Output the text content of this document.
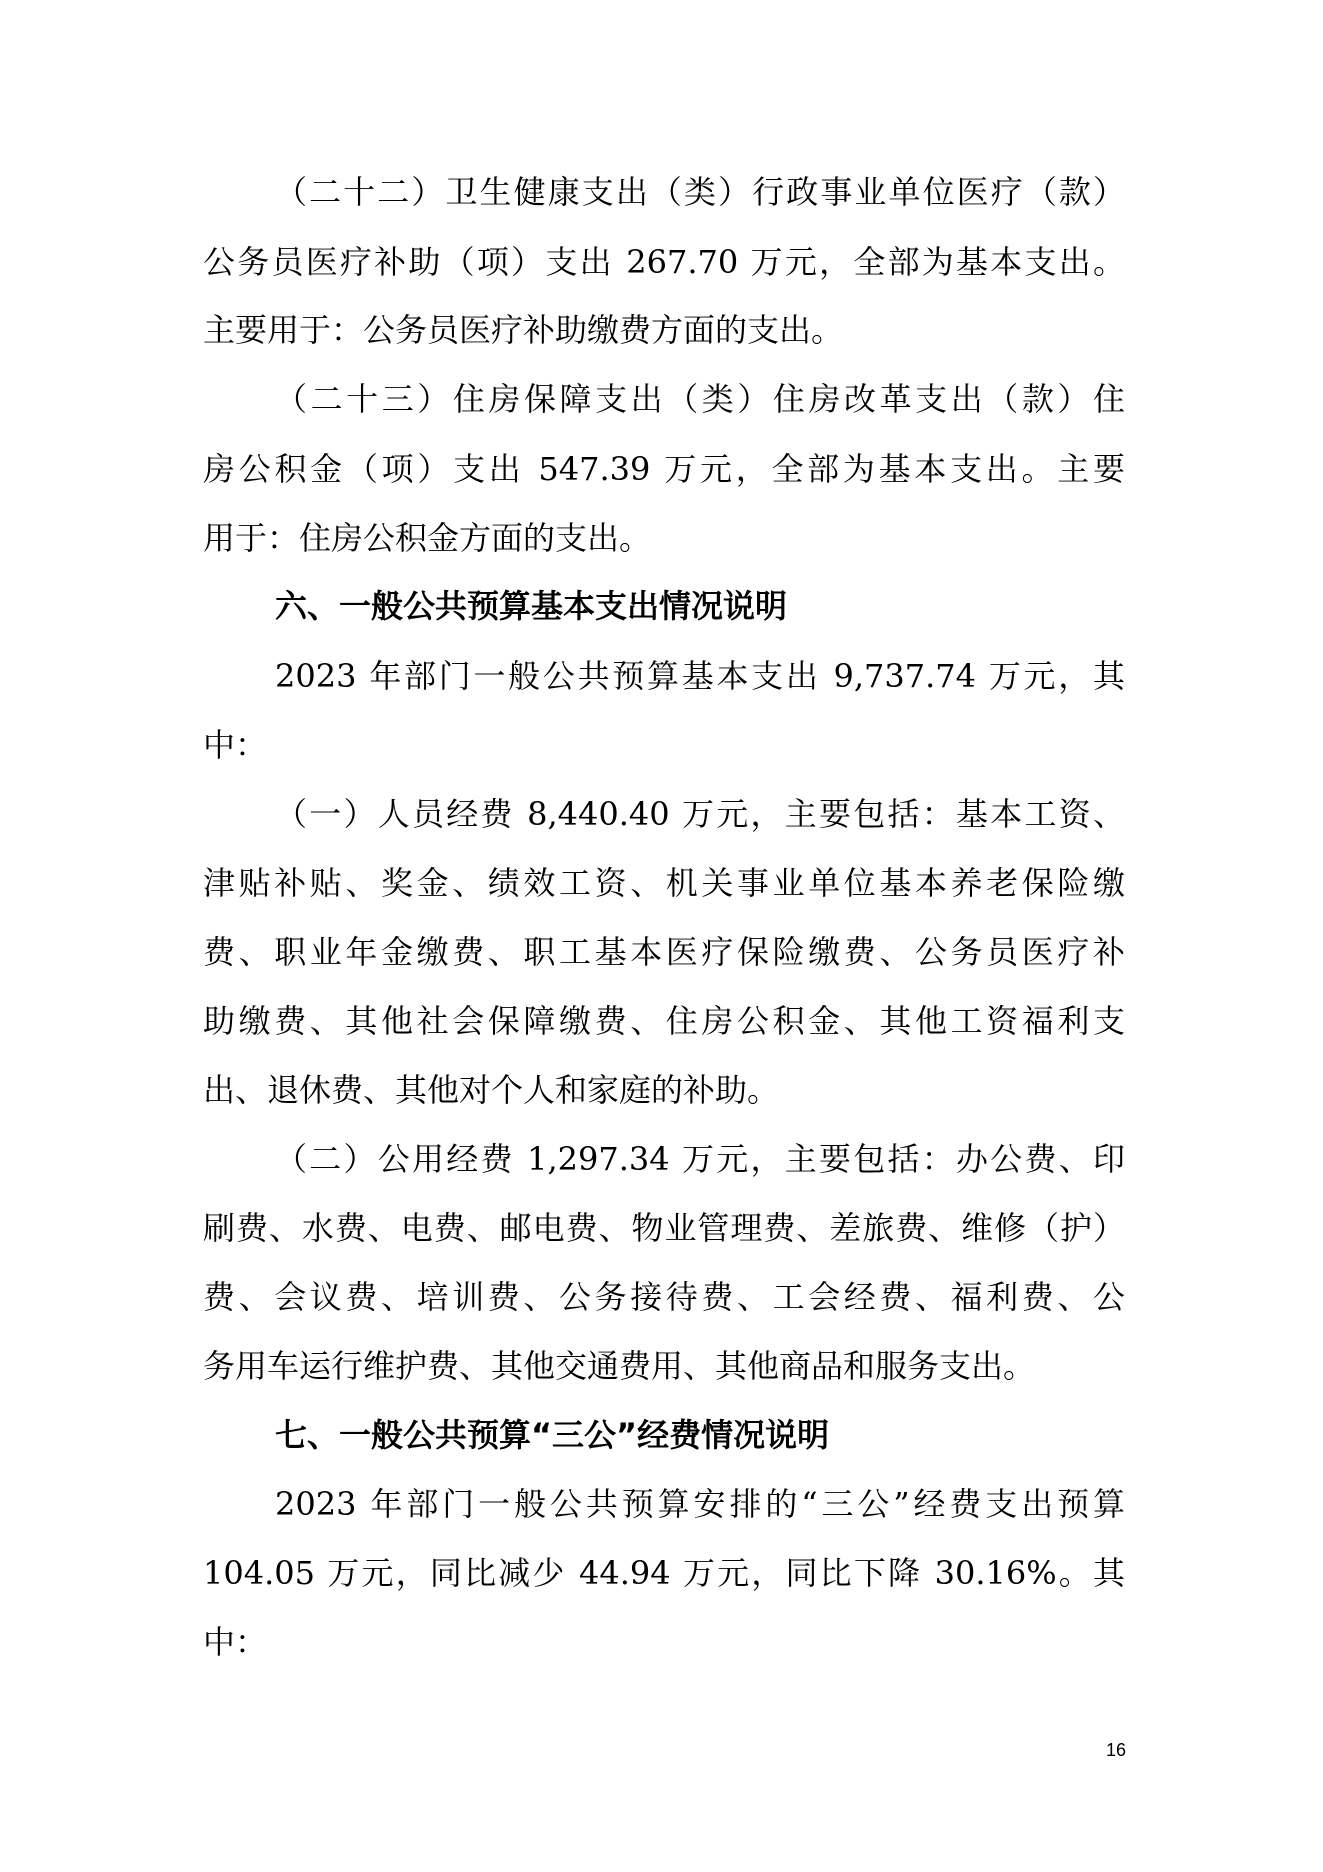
（二十二）卫生健康支出（类）行政事业单位医疗（款）
公务员医疗补助（项）支出 267.70 万元，全部为基本支出。
主要用于：公务员医疗补助缴费方面的支出。
（二十三）住房保障支出（类）住房改革支出（款）住
房公积金（项）支出 547.39 万元，全部为基本支出。主要
用于：住房公积金方面的支出。
六、一般公共预算基本支出情况说明
2023 年部门一般公共预算基本支出 9,737.74 万元，其
中：
（一）人员经费 8,440.40 万元，主要包括：基本工资、
津贴补贴、奖金、绩效工资、机关事业单位基本养老保险缴
费、职业年金缴费、职工基本医疗保险缴费、公务员医疗补
助缴费、其他社会保障缴费、住房公积金、其他工资福利支
出、退休费、其他对个人和家庭的补助。
（二）公用经费 1,297.34 万元，主要包括：办公费、印
刷费、水费、电费、邮电费、物业管理费、差旅费、维修（护）
费、会议费、培训费、公务接待费、工会经费、福利费、公
务用车运行维护费、其他交通费用、其他商品和服务支出。
七、一般公共预算“三公”经费情况说明
2023 年部门一般公共预算安排的“三公”经费支出预算
104.05 万元，同比减少 44.94 万元，同比下降 30.16%。其
中：
16
